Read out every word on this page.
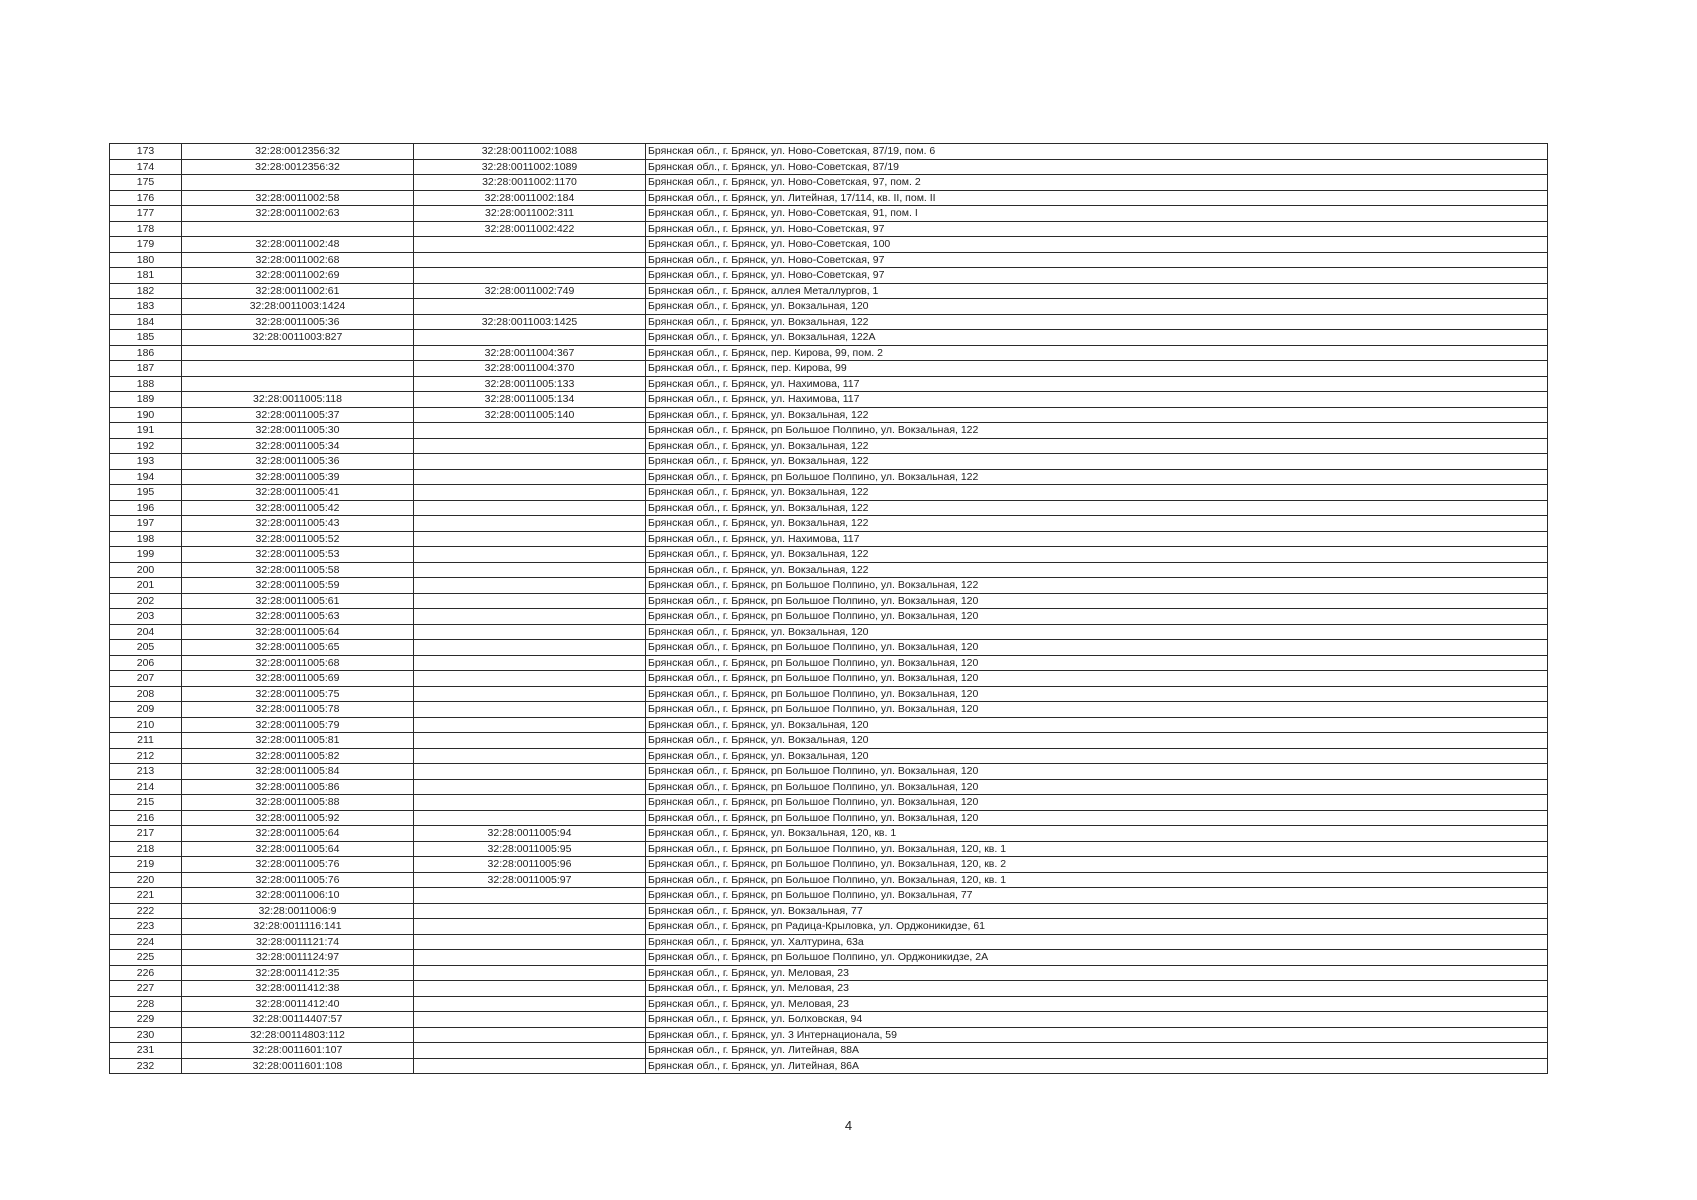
173	32:28:0012356:32	32:28:0011002:1088	Брянская обл., г. Брянск, ул. Ново-Советская, 87/19, пом. 6
174	32:28:0012356:32	32:28:0011002:1089	Брянская обл., г. Брянск, ул. Ново-Советская, 87/19
175		32:28:0011002:1170	Брянская обл., г. Брянск, ул. Ново-Советская, 97, пом. 2
176	32:28:0011002:58	32:28:0011002:184	Брянская обл., г. Брянск, ул. Литейная, 17/114, кв. II, пом. II
177	32:28:0011002:63	32:28:0011002:311	Брянская обл., г. Брянск, ул. Ново-Советская, 91, пом. I
178		32:28:0011002:422	Брянская обл., г. Брянск, ул. Ново-Советская, 97
179	32:28:0011002:48		Брянская обл., г. Брянск, ул. Ново-Советская, 100
180	32:28:0011002:68		Брянская обл., г. Брянск, ул. Ново-Советская, 97
181	32:28:0011002:69		Брянская обл., г. Брянск, ул. Ново-Советская, 97
182	32:28:0011002:61	32:28:0011002:749	Брянская обл., г. Брянск, аллея Металлургов, 1
183	32:28:0011003:1424		Брянская обл., г. Брянск, ул. Вокзальная, 120
184	32:28:0011005:36	32:28:0011003:1425	Брянская обл., г. Брянск, ул. Вокзальная, 122
185	32:28:0011003:827		Брянская обл., г. Брянск, ул. Вокзальная, 122А
186		32:28:0011004:367	Брянская обл., г. Брянск, пер. Кирова, 99, пом. 2
187		32:28:0011004:370	Брянская обл., г. Брянск, пер. Кирова, 99
188		32:28:0011005:133	Брянская обл., г. Брянск, ул. Нахимова, 117
189	32:28:0011005:118	32:28:0011005:134	Брянская обл., г. Брянск, ул. Нахимова, 117
190	32:28:0011005:37	32:28:0011005:140	Брянская обл., г. Брянск, ул. Вокзальная, 122
191	32:28:0011005:30		Брянская обл., г. Брянск, рп Большое Полпино, ул. Вокзальная, 122
192	32:28:0011005:34		Брянская обл., г. Брянск, ул. Вокзальная, 122
193	32:28:0011005:36		Брянская обл., г. Брянск, ул. Вокзальная, 122
194	32:28:0011005:39		Брянская обл., г. Брянск, рп Большое Полпино, ул. Вокзальная, 122
195	32:28:0011005:41		Брянская обл., г. Брянск, ул. Вокзальная, 122
196	32:28:0011005:42		Брянская обл., г. Брянск, ул. Вокзальная, 122
197	32:28:0011005:43		Брянская обл., г. Брянск, ул. Вокзальная, 122
198	32:28:0011005:52		Брянская обл., г. Брянск, ул. Нахимова, 117
199	32:28:0011005:53		Брянская обл., г. Брянск, ул. Вокзальная, 122
200	32:28:0011005:58		Брянская обл., г. Брянск, ул. Вокзальная, 122
201	32:28:0011005:59		Брянская обл., г. Брянск, рп Большое Полпино, ул. Вокзальная, 122
202	32:28:0011005:61		Брянская обл., г. Брянск, рп Большое Полпино, ул. Вокзальная, 120
203	32:28:0011005:63		Брянская обл., г. Брянск, рп Большое Полпино, ул. Вокзальная, 120
204	32:28:0011005:64		Брянская обл., г. Брянск, ул. Вокзальная, 120
205	32:28:0011005:65		Брянская обл., г. Брянск, рп Большое Полпино, ул. Вокзальная, 120
206	32:28:0011005:68		Брянская обл., г. Брянск, рп Большое Полпино, ул. Вокзальная, 120
207	32:28:0011005:69		Брянская обл., г. Брянск, рп Большое Полпино, ул. Вокзальная, 120
208	32:28:0011005:75		Брянская обл., г. Брянск, рп Большое Полпино, ул. Вокзальная, 120
209	32:28:0011005:78		Брянская обл., г. Брянск, рп Большое Полпино, ул. Вокзальная, 120
210	32:28:0011005:79		Брянская обл., г. Брянск, ул. Вокзальная, 120
211	32:28:0011005:81		Брянская обл., г. Брянск, ул. Вокзальная, 120
212	32:28:0011005:82		Брянская обл., г. Брянск, ул. Вокзальная, 120
213	32:28:0011005:84		Брянская обл., г. Брянск, рп Большое Полпино, ул. Вокзальная, 120
214	32:28:0011005:86		Брянская обл., г. Брянск, рп Большое Полпино, ул. Вокзальная, 120
215	32:28:0011005:88		Брянская обл., г. Брянск, рп Большое Полпино, ул. Вокзальная, 120
216	32:28:0011005:92		Брянская обл., г. Брянск, рп Большое Полпино, ул. Вокзальная, 120
217	32:28:0011005:64	32:28:0011005:94	Брянская обл., г. Брянск, ул. Вокзальная, 120, кв. 1
218	32:28:0011005:64	32:28:0011005:95	Брянская обл., г. Брянск, рп Большое Полпино, ул. Вокзальная, 120, кв. 1
219	32:28:0011005:76	32:28:0011005:96	Брянская обл., г. Брянск, рп Большое Полпино, ул. Вокзальная, 120, кв. 2
220	32:28:0011005:76	32:28:0011005:97	Брянская обл., г. Брянск, рп Большое Полпино, ул. Вокзальная, 120, кв. 1
221	32:28:0011006:10		Брянская обл., г. Брянск, рп Большое Полпино, ул. Вокзальная, 77
222	32:28:0011006:9		Брянская обл., г. Брянск, ул. Вокзальная, 77
223	32:28:0011116:141		Брянская обл., г. Брянск, рп Радица-Крыловка, ул. Орджоникидзе, 61
224	32:28:0011121:74		Брянская обл., г. Брянск, ул. Халтурина, 63а
225	32:28:0011124:97		Брянская обл., г. Брянск, рп Большое Полпино, ул. Орджоникидзе, 2А
226	32:28:0011412:35		Брянская обл., г. Брянск, ул. Меловая, 23
227	32:28:0011412:38		Брянская обл., г. Брянск, ул. Меловая, 23
228	32:28:0011412:40		Брянская обл., г. Брянск, ул. Меловая, 23
229	32:28:00114407:57		Брянская обл., г. Брянск, ул. Болховская, 94
230	32:28:00114803:112		Брянская обл., г. Брянск, ул. 3 Интернационала, 59
231	32:28:0011601:107		Брянская обл., г. Брянск, ул. Литейная, 88А
232	32:28:0011601:108		Брянская обл., г. Брянск, ул. Литейная, 86А
4
